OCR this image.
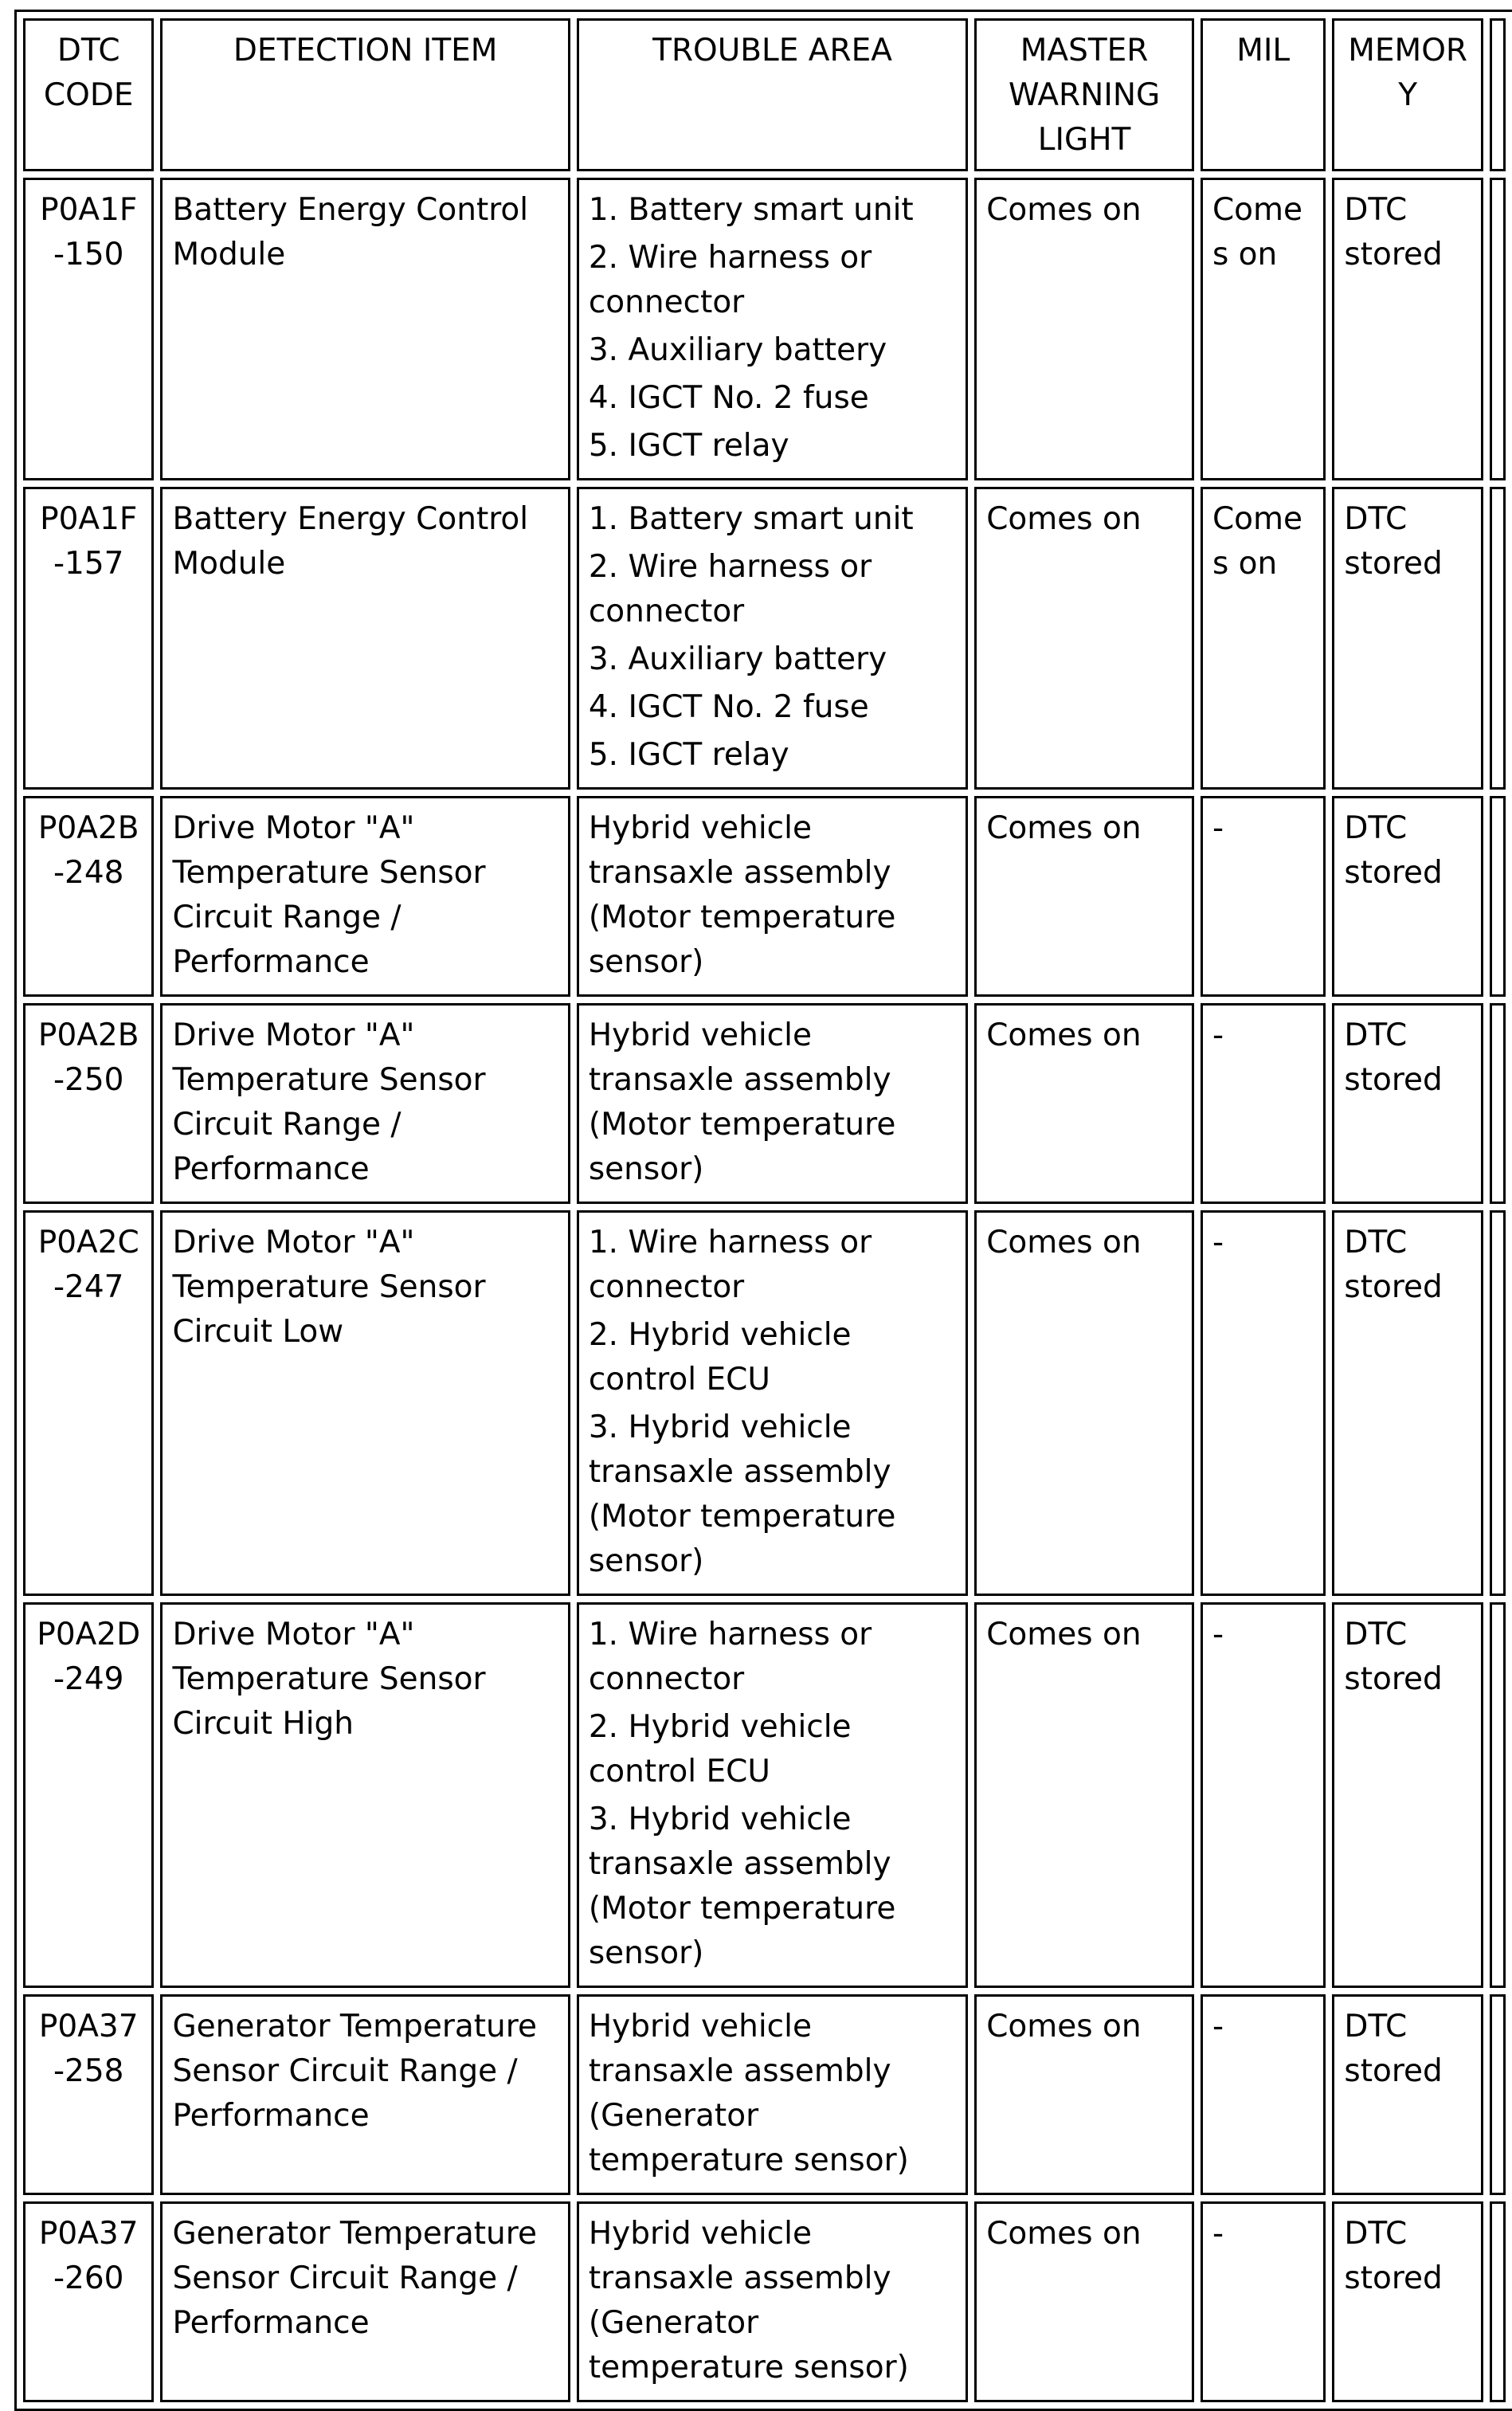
DTC CODE	DETECTION ITEM	TROUBLE AREA	MASTER WARNING LIGHT	MIL	MEMORY	
P0A1F-150	Battery Energy Control Module	1. Battery smart unit
2. Wire harness or connector
3. Auxiliary battery
4. IGCT No. 2 fuse
5. IGCT relay	Comes on	Comes on	DTC stored	
P0A1F-157	Battery Energy Control Module	1. Battery smart unit
2. Wire harness or connector
3. Auxiliary battery
4. IGCT No. 2 fuse
5. IGCT relay	Comes on	Comes on	DTC stored	
P0A2B-248	Drive Motor "A" Temperature Sensor Circuit Range / Performance	Hybrid vehicle transaxle assembly (Motor temperature sensor)	Comes on	-	DTC stored	
P0A2B-250	Drive Motor "A" Temperature Sensor Circuit Range / Performance	Hybrid vehicle transaxle assembly (Motor temperature sensor)	Comes on	-	DTC stored	
P0A2C-247	Drive Motor "A" Temperature Sensor Circuit Low	1. Wire harness or connector
2. Hybrid vehicle control ECU
3. Hybrid vehicle transaxle assembly (Motor temperature sensor)	Comes on	-	DTC stored	
P0A2D-249	Drive Motor "A" Temperature Sensor Circuit High	1. Wire harness or connector
2. Hybrid vehicle control ECU
3. Hybrid vehicle transaxle assembly (Motor temperature sensor)	Comes on	-	DTC stored	
P0A37-258	Generator Temperature Sensor Circuit Range / Performance	Hybrid vehicle transaxle assembly (Generator temperature sensor)	Comes on	-	DTC stored	
P0A37-260	Generator Temperature Sensor Circuit Range / Performance	Hybrid vehicle transaxle assembly (Generator temperature sensor)	Comes on	-	DTC stored	
